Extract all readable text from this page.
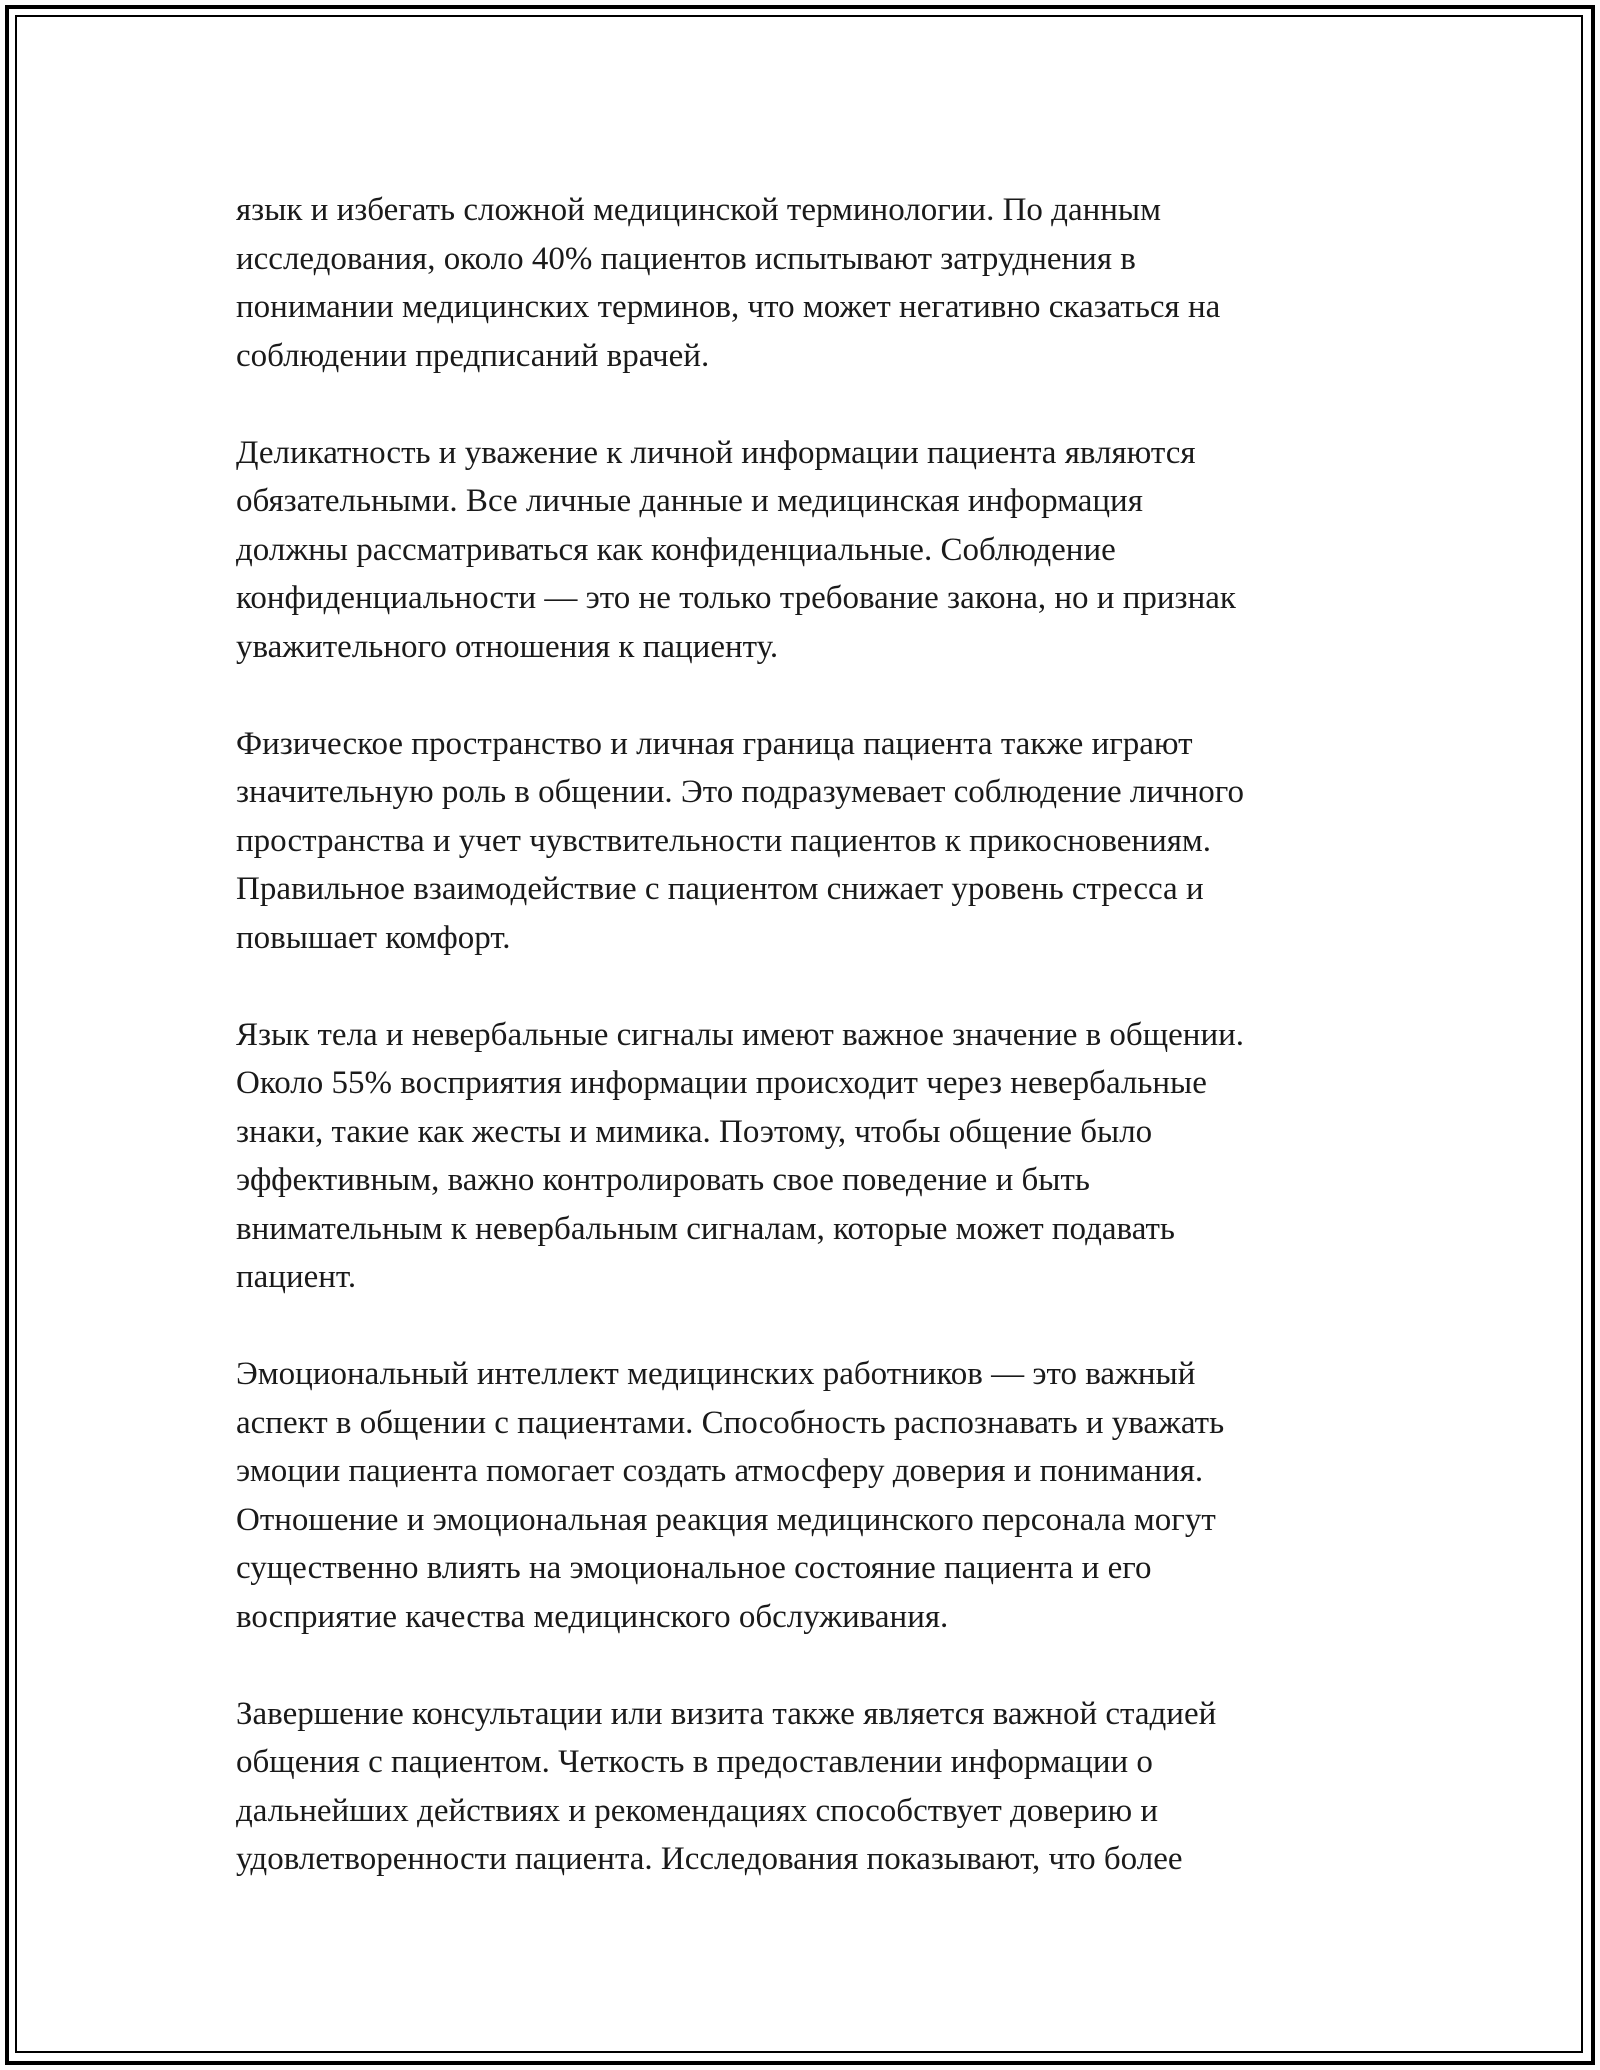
язык и избегать сложной медицинской терминологии. По данным
исследования, около 40% пациентов испытывают затруднения в
понимании медицинских терминов, что может негативно сказаться на
соблюдении предписаний врачей.

Деликатность и уважение к личной информации пациента являются
обязательными. Все личные данные и медицинская информация
должны рассматриваться как конфиденциальные. Соблюдение
конфиденциальности — это не только требование закона, но и признак
уважительного отношения к пациенту.

Физическое пространство и личная граница пациента также играют
значительную роль в общении. Это подразумевает соблюдение личного
пространства и учет чувствительности пациентов к прикосновениям.
Правильное взаимодействие с пациентом снижает уровень стресса и
повышает комфорт.

Язык тела и невербальные сигналы имеют важное значение в общении.
Около 55% восприятия информации происходит через невербальные
знаки, такие как жесты и мимика. Поэтому, чтобы общение было
эффективным, важно контролировать свое поведение и быть
внимательным к невербальным сигналам, которые может подавать
пациент.

Эмоциональный интеллект медицинских работников — это важный
аспект в общении с пациентами. Способность распознавать и уважать
эмоции пациента помогает создать атмосферу доверия и понимания.
Отношение и эмоциональная реакция медицинского персонала могут
существенно влиять на эмоциональное состояние пациента и его
восприятие качества медицинского обслуживания.

Завершение консультации или визита также является важной стадией
общения с пациентом. Четкость в предоставлении информации о
дальнейших действиях и рекомендациях способствует доверию и
удовлетворенности пациента. Исследования показывают, что более
